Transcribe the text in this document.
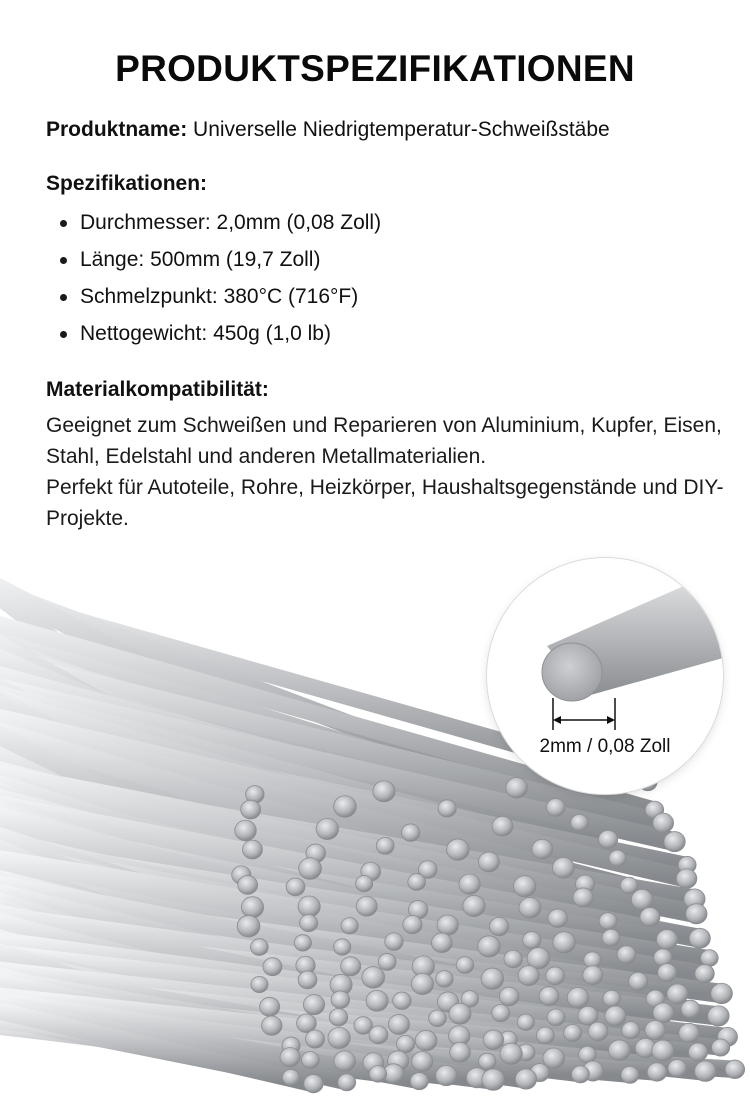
PRODUKTSPEZIFIKATIONEN
Produktname: Universelle Niedrigtemperatur-Schweißstäbe
Spezifikationen:
Durchmesser: 2,0mm (0,08 Zoll)
Länge: 500mm (19,7 Zoll)
Schmelzpunkt: 380°C (716°F)
Nettogewicht: 450g (1,0 lb)
Materialkompatibilität:

Geeignet zum Schweißen und Reparieren von Aluminium, Kupfer, Eisen, Stahl, Edelstahl und anderen Metallmaterialien.

Perfekt für Autoteile, Rohre, Heizkörper, Haushaltsgegenstände und DIY-Projekte.

2mm / 0,08 Zoll
